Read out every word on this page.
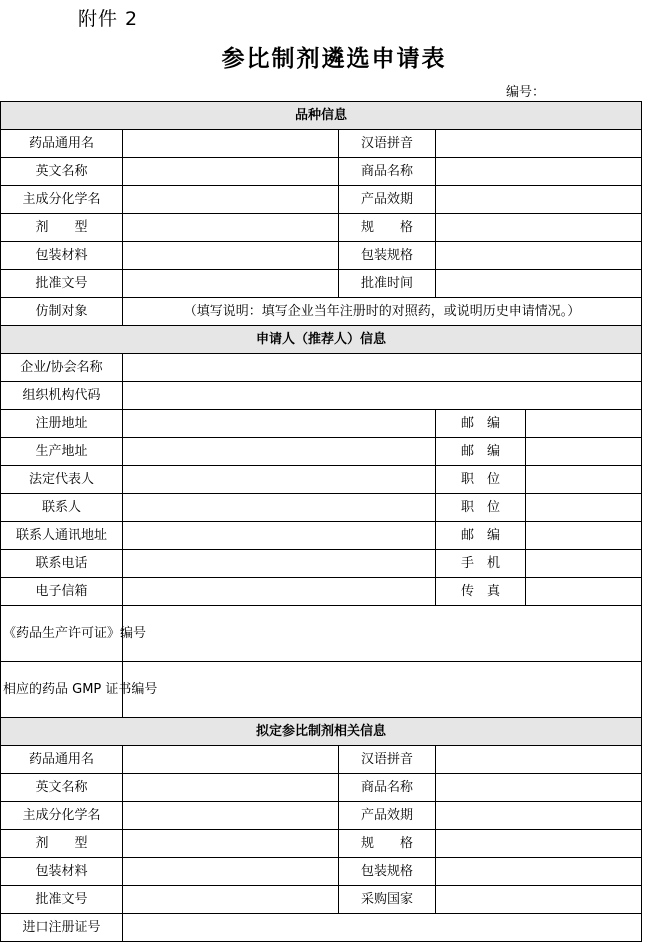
附件 2
参比制剂遴选申请表
编号：
品种信息				
药品通用名		汉语拼音		
英文名称		商品名称		
主成分化学名		产品效期		
剂　　型		规　　格		
包装材料		包装规格		
批准文号		批准时间		
仿制对象	（填写说明：填写企业当年注册时的对照药，或说明历史申请情况。）			
申请人（推荐人）信息				
企业/协会名称				
组织机构代码				
注册地址			邮　编	
生产地址			邮　编	
法定代表人			职　位	
联系人			职　位	
联系人通讯地址			邮　编	
联系电话			手　机	
电子信箱			传　真	
《药品生产许可证》编号				
相应的药品 GMP 证书编号				
拟定参比制剂相关信息				
药品通用名		汉语拼音		
英文名称		商品名称		
主成分化学名		产品效期		
剂　　型		规　　格		
包装材料		包装规格		
批准文号		采购国家		
进口注册证号				
